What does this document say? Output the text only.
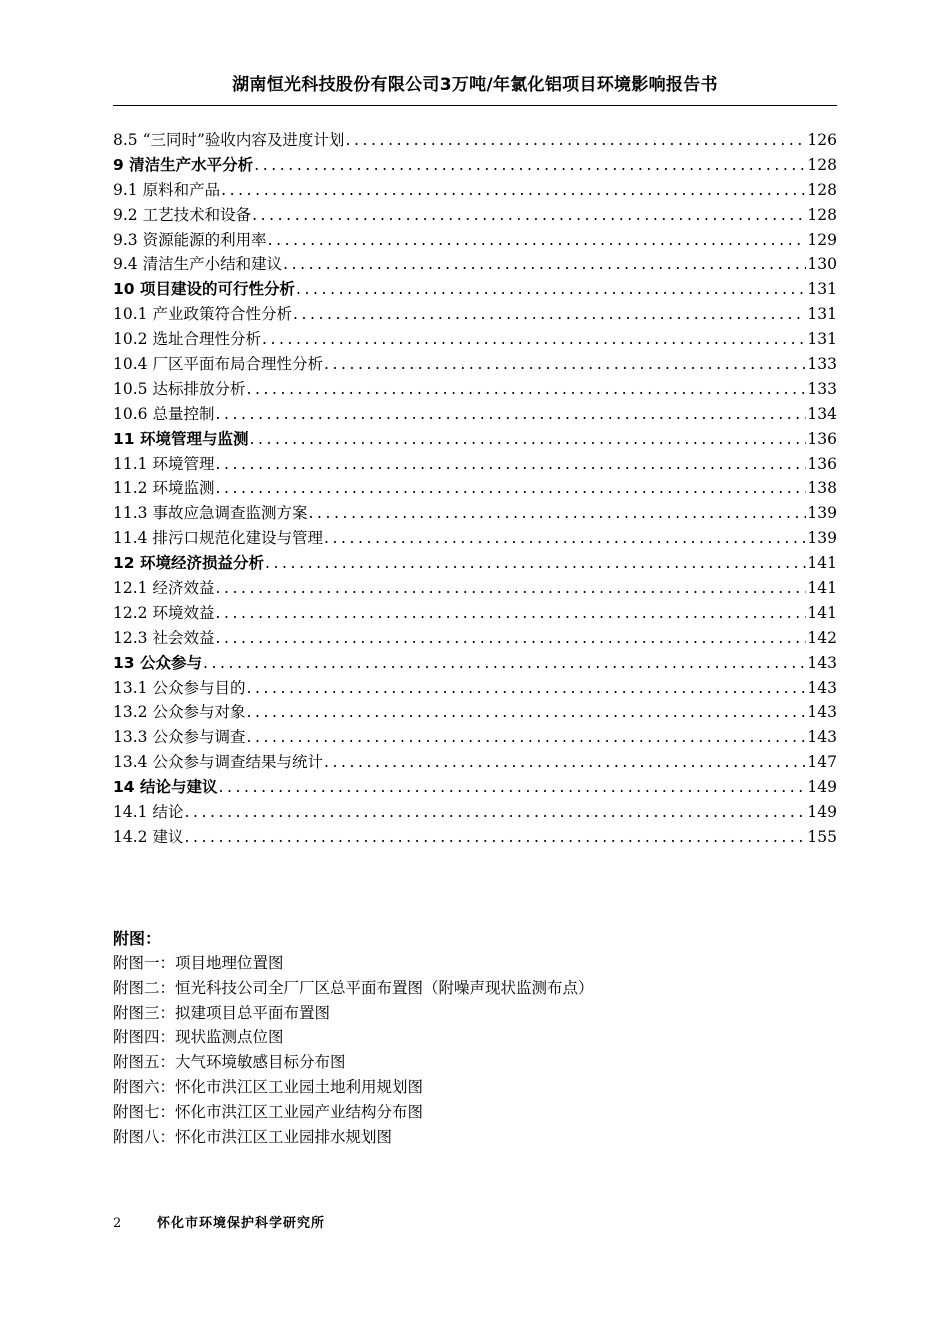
湖南恒光科技股份有限公司3万吨/年氯化铝项目环境影响报告书
8.5 “三同时”验收内容及进度计划 .....	126
9 清洁生产水平分析 .....	128
9.1 原料和产品 .....	128
9.2 工艺技术和设备 .....	128
9.3 资源能源的利用率 .....	129
9.4 清洁生产小结和建议 .....	130
10 项目建设的可行性分析 .....	131
10.1 产业政策符合性分析 .....	131
10.2 选址合理性分析 .....	131
10.4 厂区平面布局合理性分析 .....	133
10.5 达标排放分析 .....	133
10.6 总量控制 .....	134
11 环境管理与监测 .....	136
11.1 环境管理 .....	136
11.2 环境监测 .....	138
11.3 事故应急调查监测方案 .....	139
11.4 排污口规范化建设与管理 .....	139
12 环境经济损益分析 .....	141
12.1 经济效益 .....	141
12.2 环境效益 .....	141
12.3 社会效益 .....	142
13 公众参与 .....	143
13.1 公众参与目的 .....	143
13.2 公众参与对象 .....	143
13.3 公众参与调查 .....	143
13.4 公众参与调查结果与统计 .....	147
14 结论与建议 .....	149
14.1 结论 .....	149
14.2 建议 .....	155
附图：
附图一：项目地理位置图
附图二：恒光科技公司全厂厂区总平面布置图（附噪声现状监测布点）
附图三：拟建项目总平面布置图
附图四：现状监测点位图
附图五：大气环境敏感目标分布图
附图六：怀化市洪江区工业园土地利用规划图
附图七：怀化市洪江区工业园产业结构分布图
附图八：怀化市洪江区工业园排水规划图
2	怀化市环境保护科学研究所
